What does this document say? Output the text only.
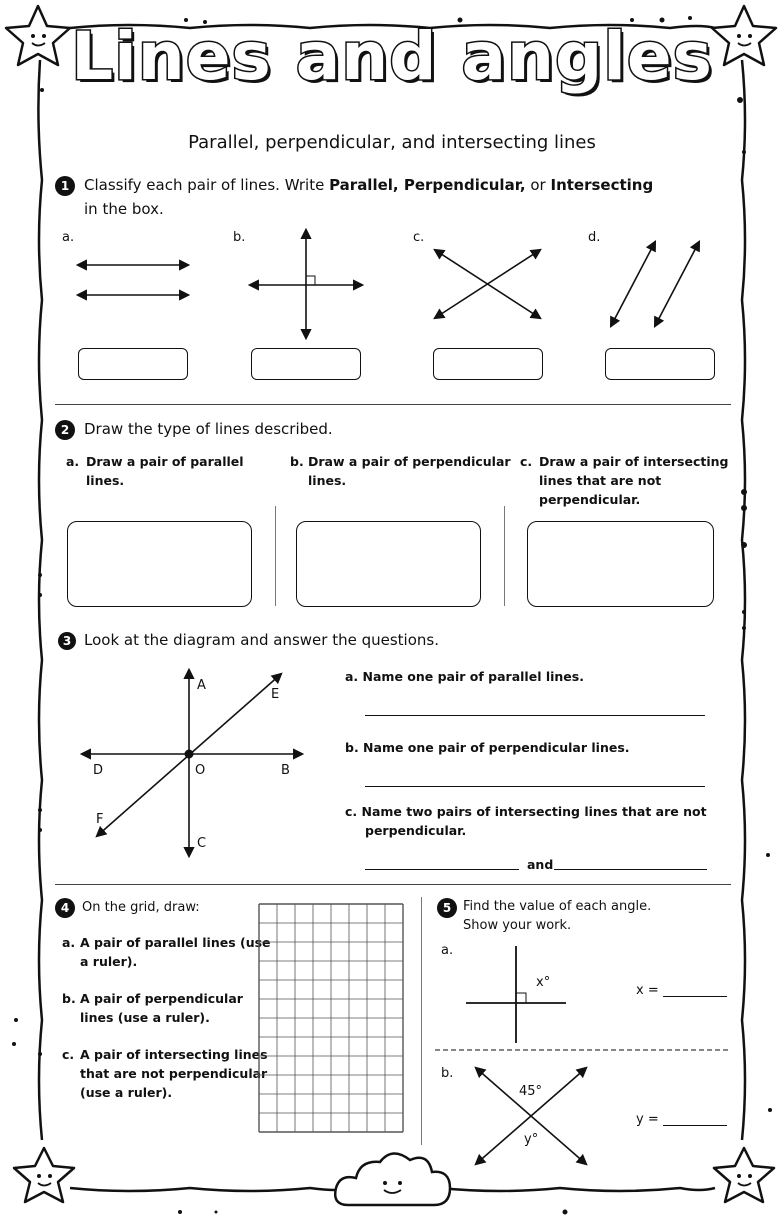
Lines and angles
Parallel, perpendicular, and intersecting lines
1 Classify each pair of lines. Write Parallel, Perpendicular, or Intersecting
in the box.
a.	b.	c.	d.
2 Draw the type of lines described.
a. Draw a pair of parallel
lines.
b. Draw a pair of perpendicular
lines.
c. Draw a pair of intersecting
lines that are not
perpendicular.
3 Look at the diagram and answer the questions.
A
E
D	O	B
F
C
a. Name one pair of parallel lines.
b. Name one pair of perpendicular lines.
c. Name two pairs of intersecting lines that are not
perpendicular.
and
4 On the grid, draw:
a. A pair of parallel lines (use
a ruler).
b. A pair of perpendicular
lines (use a ruler).
c. A pair of intersecting lines
that are not perpendicular
(use a ruler).
5 Find the value of each angle.
Show your work.
a.
x°
x =
b.
45°
y°
y =
